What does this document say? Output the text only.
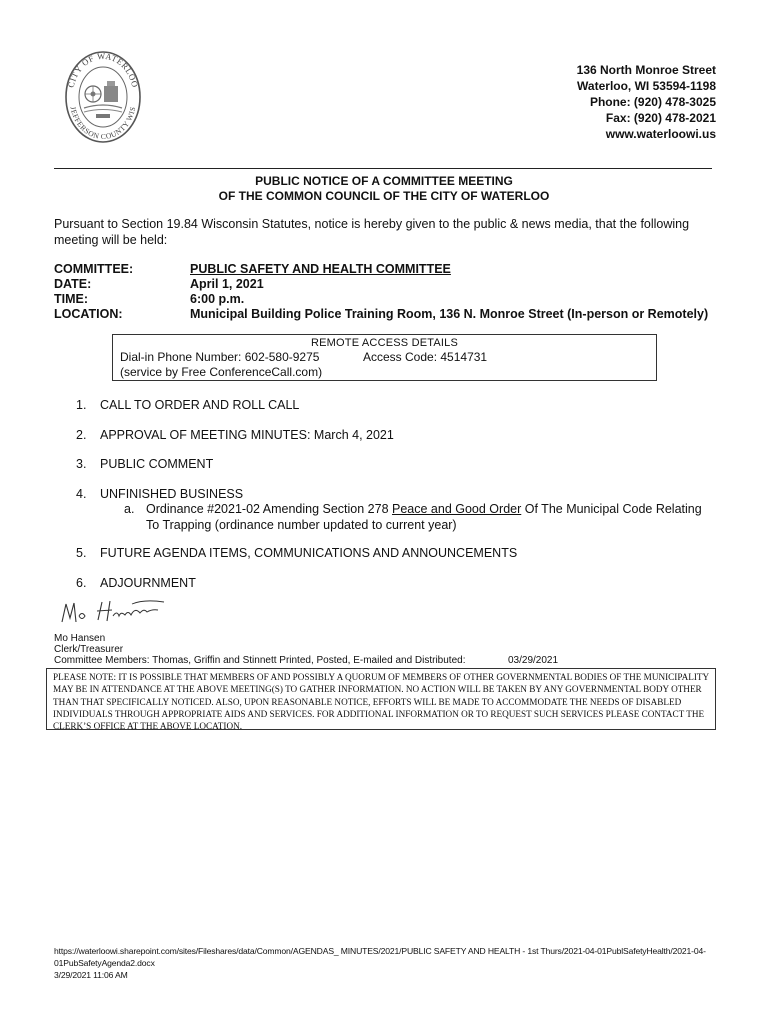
CITY OF WATERLOO
JEFFERSON COUNTY WIS
136 North Monroe Street
Waterloo, WI 53594-1198
Phone: (920) 478-3025
Fax: (920) 478-2021
www.waterloowi.us
PUBLIC NOTICE OF A COMMITTEE MEETING
OF THE COMMON COUNCIL OF THE CITY OF WATERLOO
Pursuant to Section 19.84 Wisconsin Statutes, notice is hereby given to the public & news media, that the following meeting will be held:
COMMITTEE:	PUBLIC SAFETY AND HEALTH COMMITTEE
DATE:	April 1, 2021
TIME:	6:00 p.m.
LOCATION:	Municipal Building Police Training Room, 136 N. Monroe Street (In-person or Remotely)
REMOTE ACCESS DETAILS
Dial-in Phone Number: 602-580-9275	Access Code: 4514731
(service by Free ConferenceCall.com)
1. CALL TO ORDER AND ROLL CALL
2. APPROVAL OF MEETING MINUTES: March 4, 2021
3. PUBLIC COMMENT
4. UNFINISHED BUSINESS
a. Ordinance #2021-02 Amending Section 278 Peace and Good Order Of The Municipal Code Relating
To Trapping (ordinance number updated to current year)
5. FUTURE AGENDA ITEMS, COMMUNICATIONS AND ANNOUNCEMENTS
6. ADJOURNMENT
Mo Hansen
Clerk/Treasurer
Committee Members: Thomas, Griffin and Stinnett Printed, Posted, E-mailed and Distributed:	03/29/2021
PLEASE NOTE: IT IS POSSIBLE THAT MEMBERS OF AND POSSIBLY A QUORUM OF MEMBERS OF OTHER GOVERNMENTAL BODIES OF THE MUNICIPALITY MAY BE IN ATTENDANCE AT THE ABOVE MEETING(S) TO GATHER INFORMATION. NO ACTION WILL BE TAKEN BY ANY GOVERNMENTAL BODY OTHER THAN THAT SPECIFICALLY NOTICED. ALSO, UPON REASONABLE NOTICE, EFFORTS WILL BE MADE TO ACCOMMODATE THE NEEDS OF DISABLED INDIVIDUALS THROUGH APPROPRIATE AIDS AND SERVICES. FOR ADDITIONAL INFORMATION OR TO REQUEST SUCH SERVICES PLEASE CONTACT THE CLERK’S OFFICE AT THE ABOVE LOCATION.
https://waterloowi.sharepoint.com/sites/Fileshares/data/Common/AGENDAS_ MINUTES/2021/PUBLIC SAFETY AND HEALTH - 1st Thurs/2021-04-01PublSafetyHealth/2021-04-
01PubSafetyAgenda2.docx
3/29/2021 11:06 AM
